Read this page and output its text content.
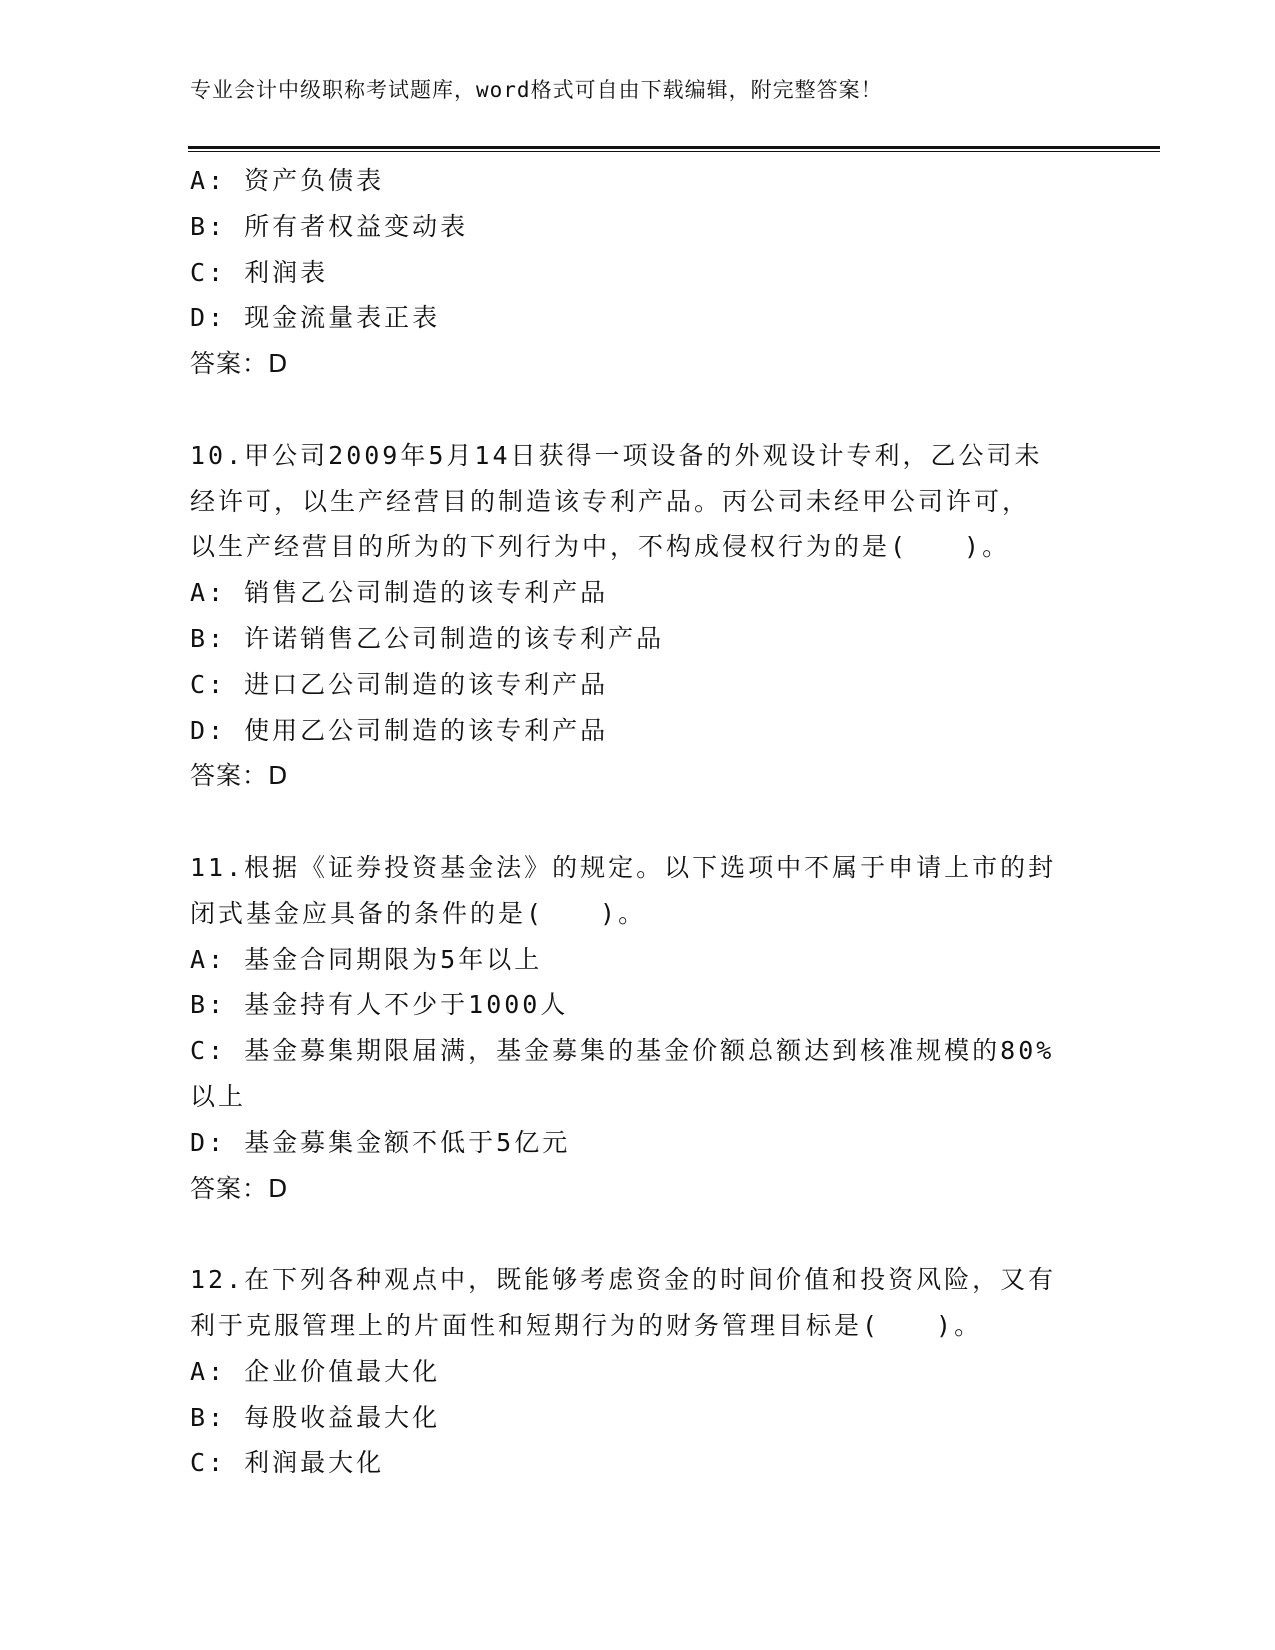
专业会计中级职称考试题库，word格式可自由下载编辑，附完整答案！
A: 资产负债表
B: 所有者权益变动表
C: 利润表
D: 现金流量表正表
答案：D
10.甲公司2009年5月14日获得一项设备的外观设计专利，乙公司未
经许可，以生产经营目的制造该专利产品。丙公司未经甲公司许可，
以生产经营目的所为的下列行为中，不构成侵权行为的是(　　)。
A: 销售乙公司制造的该专利产品
B: 许诺销售乙公司制造的该专利产品
C: 进口乙公司制造的该专利产品
D: 使用乙公司制造的该专利产品
答案：D
11.根据《证券投资基金法》的规定。以下选项中不属于申请上市的封
闭式基金应具备的条件的是(　　)。
A: 基金合同期限为5年以上
B: 基金持有人不少于1000人
C: 基金募集期限届满，基金募集的基金价额总额达到核准规模的80%
以上
D: 基金募集金额不低于5亿元
答案：D
12.在下列各种观点中，既能够考虑资金的时间价值和投资风险，又有
利于克服管理上的片面性和短期行为的财务管理目标是(　　)。
A: 企业价值最大化
B: 每股收益最大化
C: 利润最大化
